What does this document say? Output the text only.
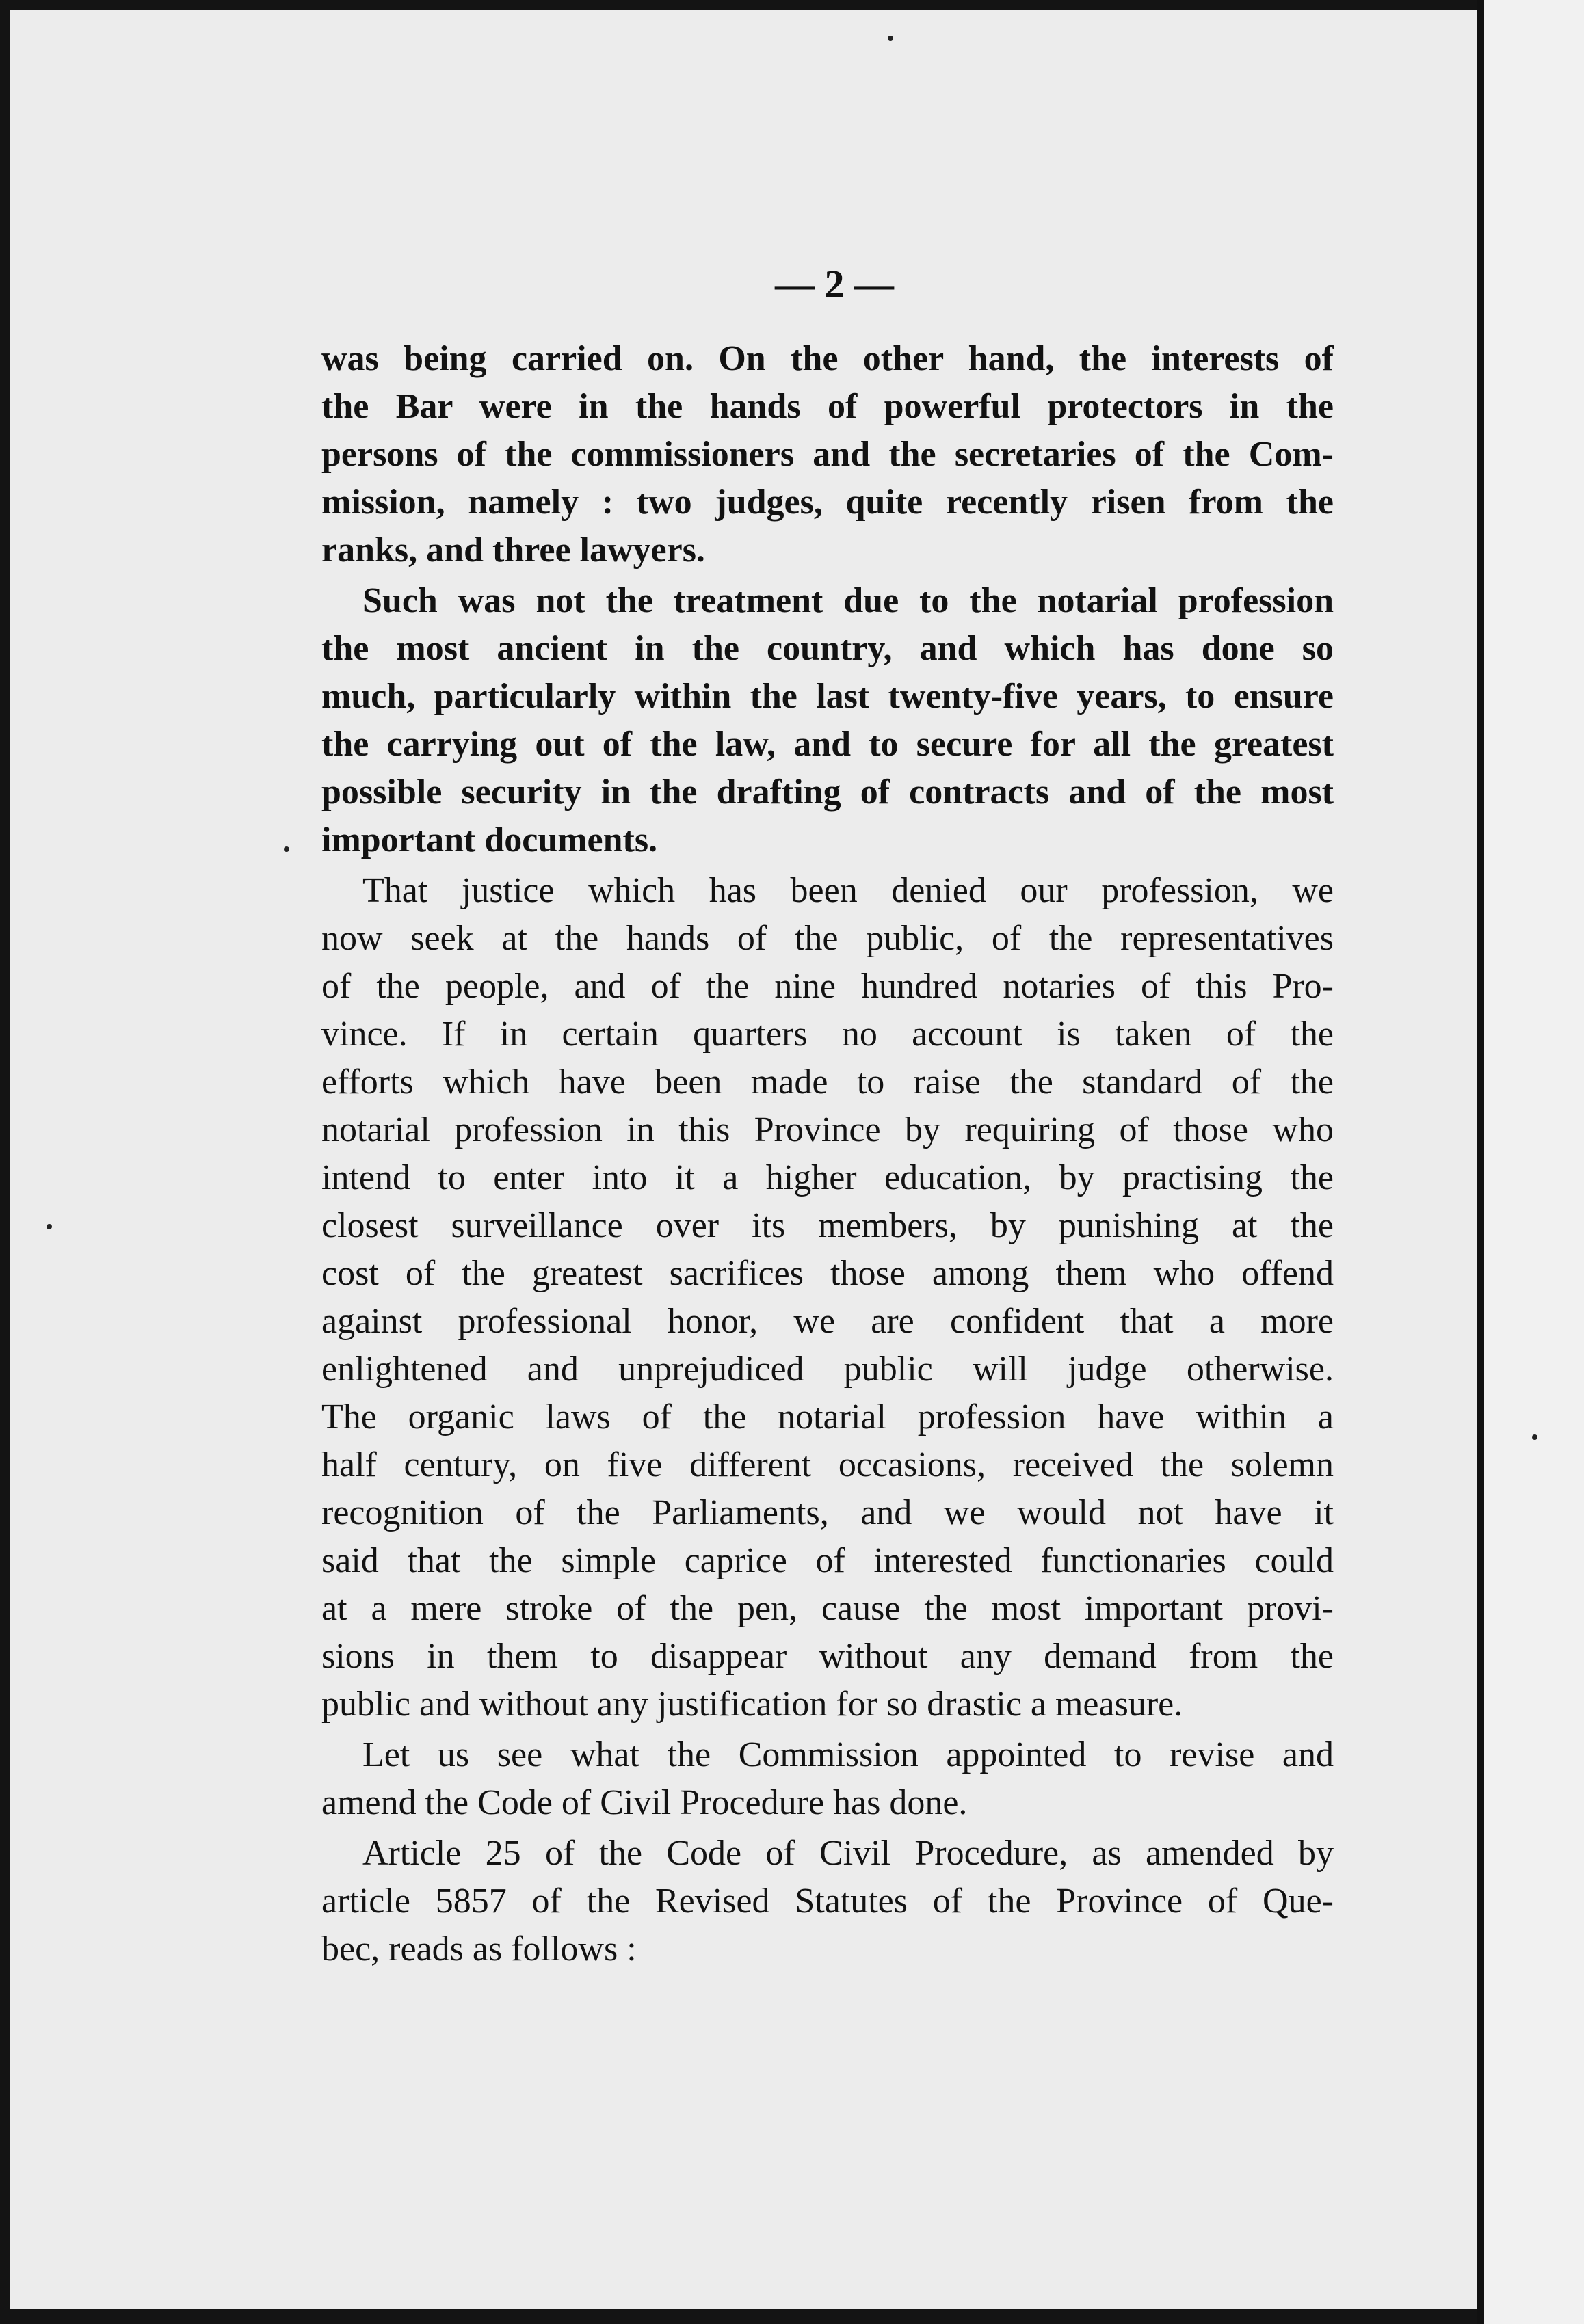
— 2 —
was being carried on. On the other hand, the interests of
the Bar were in the hands of powerful protectors in the
persons of the commissioners and the secretaries of the Com-
mission, namely : two judges, quite recently risen from the
ranks, and three lawyers.
Such was not the treatment due to the notarial profession
the most ancient in the country, and which has done so
much, particularly within the last twenty-five years, to ensure
the carrying out of the law, and to secure for all the greatest
possible security in the drafting of contracts and of the most
important documents.
That justice which has been denied our profession, we
now seek at the hands of the public, of the representatives
of the people, and of the nine hundred notaries of this Pro-
vince. If in certain quarters no account is taken of the
efforts which have been made to raise the standard of the
notarial profession in this Province by requiring of those who
intend to enter into it a higher education, by practising the
closest surveillance over its members, by punishing at the
cost of the greatest sacrifices those among them who offend
against professional honor, we are confident that a more
enlightened and unprejudiced public will judge otherwise.
The organic laws of the notarial profession have within a
half century, on five different occasions, received the solemn
recognition of the Parliaments, and we would not have it
said that the simple caprice of interested functionaries could
at a mere stroke of the pen, cause the most important provi-
sions in them to disappear without any demand from the
public and without any justification for so drastic a measure.
Let us see what the Commission appointed to revise and
amend the Code of Civil Procedure has done.
Article 25 of the Code of Civil Procedure, as amended by
article 5857 of the Revised Statutes of the Province of Que-
bec, reads as follows :
